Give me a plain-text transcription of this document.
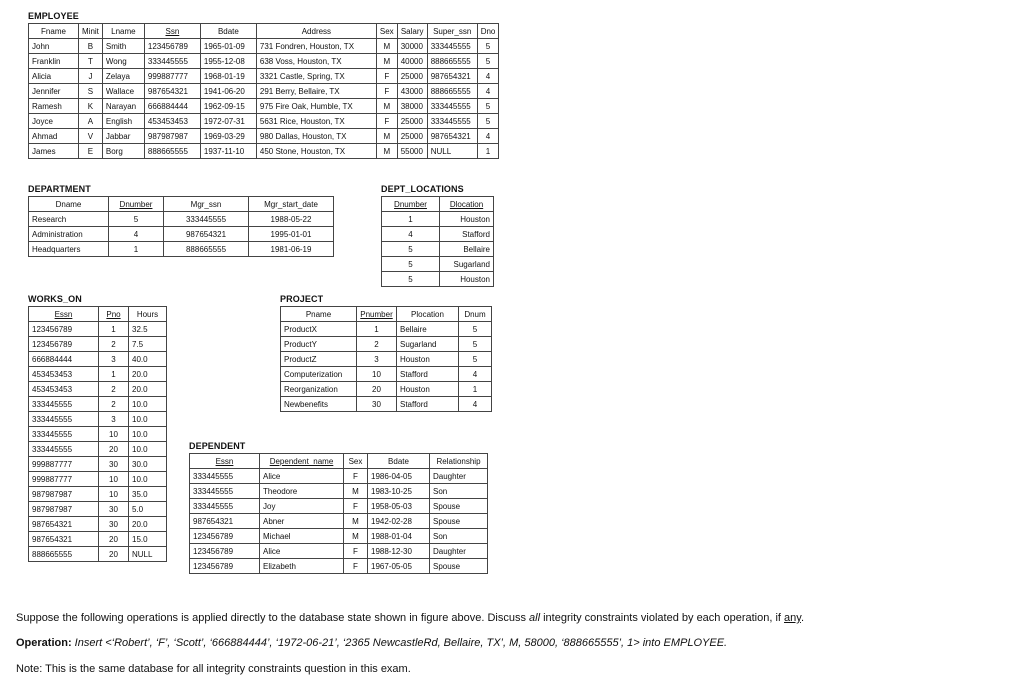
EMPLOYEE
Fname	Minit	Lname	Ssn	Bdate	Address	Sex	Salary	Super_ssn	Dno
John	B	Smith	123456789	1965-01-09	731 Fondren, Houston, TX	M	30000	333445555	5
Franklin	T	Wong	333445555	1955-12-08	638 Voss, Houston, TX	M	40000	888665555	5
Alicia	J	Zelaya	999887777	1968-01-19	3321 Castle, Spring, TX	F	25000	987654321	4
Jennifer	S	Wallace	987654321	1941-06-20	291 Berry, Bellaire, TX	F	43000	888665555	4
Ramesh	K	Narayan	666884444	1962-09-15	975 Fire Oak, Humble, TX	M	38000	333445555	5
Joyce	A	English	453453453	1972-07-31	5631 Rice, Houston, TX	F	25000	333445555	5
Ahmad	V	Jabbar	987987987	1969-03-29	980 Dallas, Houston, TX	M	25000	987654321	4
James	E	Borg	888665555	1937-11-10	450 Stone, Houston, TX	M	55000	NULL	1
DEPARTMENT
Dname	Dnumber	Mgr_ssn	Mgr_start_date
Research	5	333445555	1988-05-22
Administration	4	987654321	1995-01-01
Headquarters	1	888665555	1981-06-19
DEPT_LOCATIONS
Dnumber	Dlocation
1	Houston
4	Stafford
5	Bellaire
5	Sugarland
5	Houston
WORKS_ON
Essn	Pno	Hours
123456789	1	32.5
123456789	2	7.5
666884444	3	40.0
453453453	1	20.0
453453453	2	20.0
333445555	2	10.0
333445555	3	10.0
333445555	10	10.0
333445555	20	10.0
999887777	30	30.0
999887777	10	10.0
987987987	10	35.0
987987987	30	5.0
987654321	30	20.0
987654321	20	15.0
888665555	20	NULL
PROJECT
Pname	Pnumber	Plocation	Dnum
ProductX	1	Bellaire	5
ProductY	2	Sugarland	5
ProductZ	3	Houston	5
Computerization	10	Stafford	4
Reorganization	20	Houston	1
Newbenefits	30	Stafford	4
DEPENDENT
Essn	Dependent_name	Sex	Bdate	Relationship
333445555	Alice	F	1986-04-05	Daughter
333445555	Theodore	M	1983-10-25	Son
333445555	Joy	F	1958-05-03	Spouse
987654321	Abner	M	1942-02-28	Spouse
123456789	Michael	M	1988-01-04	Son
123456789	Alice	F	1988-12-30	Daughter
123456789	Elizabeth	F	1967-05-05	Spouse

Suppose the following operations is applied directly to the database state shown in figure above. Discuss all integrity constraints violated by each operation, if any.

Operation: Insert <‘Robert’, ‘F’, ‘Scott’, ‘666884444’, ‘1972-06-21’, ‘2365 NewcastleRd, Bellaire, TX’, M, 58000, ‘888665555’, 1> into EMPLOYEE.

Note: This is the same database for all integrity constraints question in this exam.
